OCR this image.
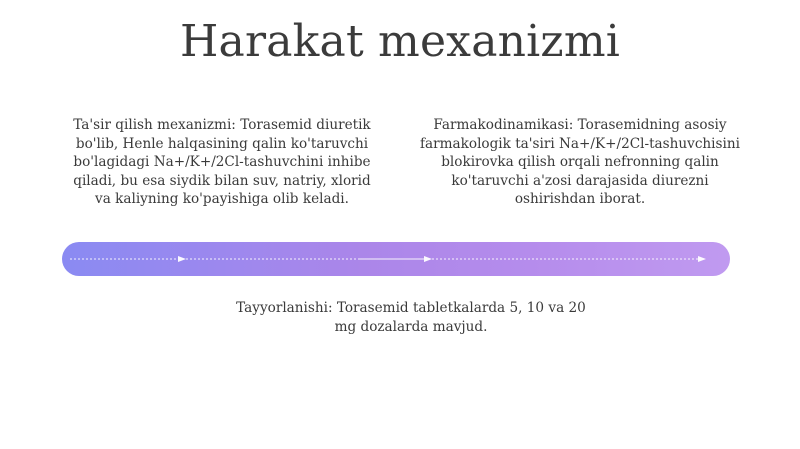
Harakat mexanizmi
Ta'sir qilish mexanizmi: Torasemid diuretik bo'lib, Henle halqasining qalin ko'taruvchi bo'lagidagi Na+/K+/2Cl-tashuvchini inhibe qiladi, bu esa siydik bilan suv, natriy, xlorid va kaliyning ko'payishiga olib keladi.
Farmakodinamikasi: Torasemidning asosiy farmakologik ta'siri Na+/K+/2Cl-tashuvchisini blokirovka qilish orqali nefronning qalin ko'taruvchi a'zosi darajasida diurezni oshirishdan iborat.
Tayyorlanishi: Torasemid tabletkalarda 5, 10 va 20 mg dozalarda mavjud.
